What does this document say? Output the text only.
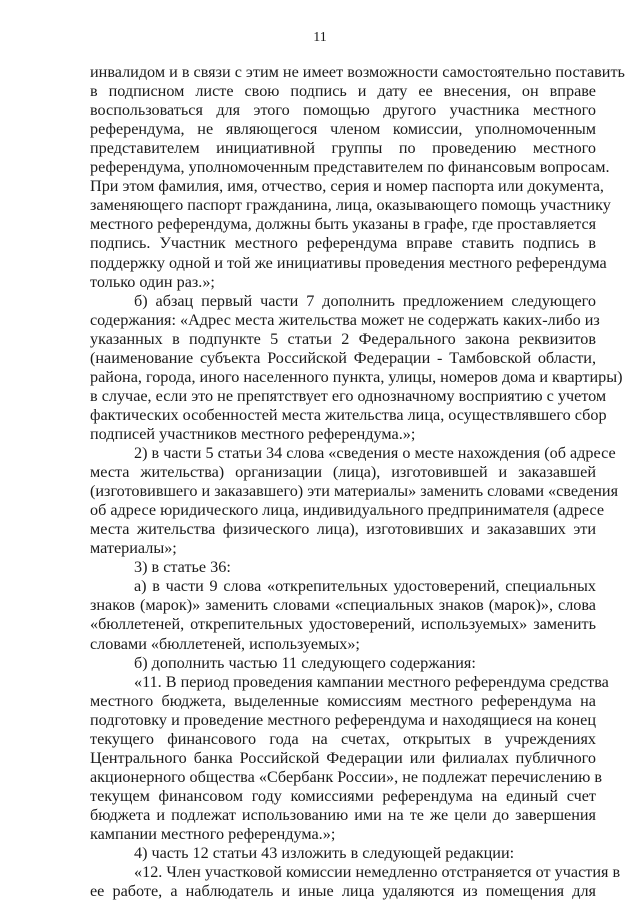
11
инвалидом и в связи с этим не имеет возможности самостоятельно поставить
в подписном листе свою подпись и дату ее внесения, он вправе
воспользоваться для этого помощью другого участника местного
референдума, не являющегося членом комиссии, уполномоченным
представителем инициативной группы по проведению местного
референдума, уполномоченным представителем по финансовым вопросам.
При этом фамилия, имя, отчество, серия и номер паспорта или документа,
заменяющего паспорт гражданина, лица, оказывающего помощь участнику
местного референдума, должны быть указаны в графе, где проставляется
подпись. Участник местного референдума вправе ставить подпись в
поддержку одной и той же инициативы проведения местного референдума
только один раз.»;
б) абзац первый части 7 дополнить предложением следующего
содержания: «Адрес места жительства может не содержать каких-либо из
указанных в подпункте 5 статьи 2 Федерального закона реквизитов
(наименование субъекта Российской Федерации - Тамбовской области,
района, города, иного населенного пункта, улицы, номеров дома и квартиры)
в случае, если это не препятствует его однозначному восприятию с учетом
фактических особенностей места жительства лица, осуществлявшего сбор
подписей участников местного референдума.»;
2) в части 5 статьи 34 слова «сведения о месте нахождения (об адресе
места жительства) организации (лица), изготовившей и заказавшей
(изготовившего и заказавшего) эти материалы» заменить словами «сведения
об адресе юридического лица, индивидуального предпринимателя (адресе
места жительства физического лица), изготовивших и заказавших эти
материалы»;
3) в статье 36:
а) в части 9 слова «открепительных удостоверений, специальных
знаков (марок)» заменить словами «специальных знаков (марок)», слова
«бюллетеней, открепительных удостоверений, используемых» заменить
словами «бюллетеней, используемых»;
б) дополнить частью 11 следующего содержания:
«11. В период проведения кампании местного референдума средства
местного бюджета, выделенные комиссиям местного референдума на
подготовку и проведение местного референдума и находящиеся на конец
текущего финансового года на счетах, открытых в учреждениях
Центрального банка Российской Федерации или филиалах публичного
акционерного общества «Сбербанк России», не подлежат перечислению в
текущем финансовом году комиссиями референдума на единый счет
бюджета и подлежат использованию ими на те же цели до завершения
кампании местного референдума.»;
4) часть 12 статьи 43 изложить в следующей редакции:
«12. Член участковой комиссии немедленно отстраняется от участия в
ее работе, а наблюдатель и иные лица удаляются из помещения для
